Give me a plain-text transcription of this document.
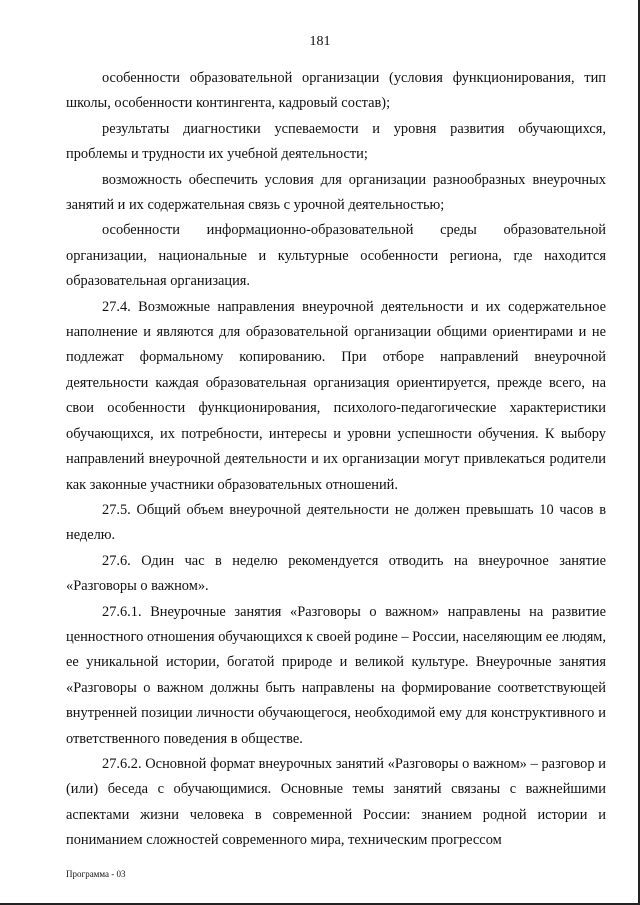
181

особенности образовательной организации (условия функционирования, тип школы, особенности контингента, кадровый состав);

результаты диагностики успеваемости и уровня развития обучающихся, проблемы и трудности их учебной деятельности;

возможность обеспечить условия для организации разнообразных внеурочных занятий и их содержательная связь с урочной деятельностью;

особенности информационно-образовательной среды образовательной организации, национальные и культурные особенности региона, где находится образовательная организация.

27.4. Возможные направления внеурочной деятельности и их содержательное наполнение и являются для образовательной организации общими ориентирами и не подлежат формальному копированию. При отборе направлений внеурочной деятельности каждая образовательная организация ориентируется, прежде всего, на свои особенности функционирования, психолого-педагогические характеристики обучающихся, их потребности, интересы и уровни успешности обучения. К выбору направлений внеурочной деятельности и их организации могут привлекаться родители как законные участники образовательных отношений.

27.5. Общий объем внеурочной деятельности не должен превышать 10 часов в неделю.

27.6. Один час в неделю рекомендуется отводить на внеурочное занятие «Разговоры о важном».

27.6.1. Внеурочные занятия «Разговоры о важном» направлены на развитие ценностного отношения обучающихся к своей родине – России, населяющим ее людям, ее уникальной истории, богатой природе и великой культуре. Внеурочные занятия «Разговоры о важном должны быть направлены на формирование соответствующей внутренней позиции личности обучающегося, необходимой ему для конструктивного и ответственного поведения в обществе.

27.6.2. Основной формат внеурочных занятий «Разговоры о важном» – разговор и (или) беседа с обучающимися. Основные темы занятий связаны с важнейшими аспектами жизни человека в современной России: знанием родной истории и пониманием сложностей современного мира, техническим прогрессом

Программа - 03
